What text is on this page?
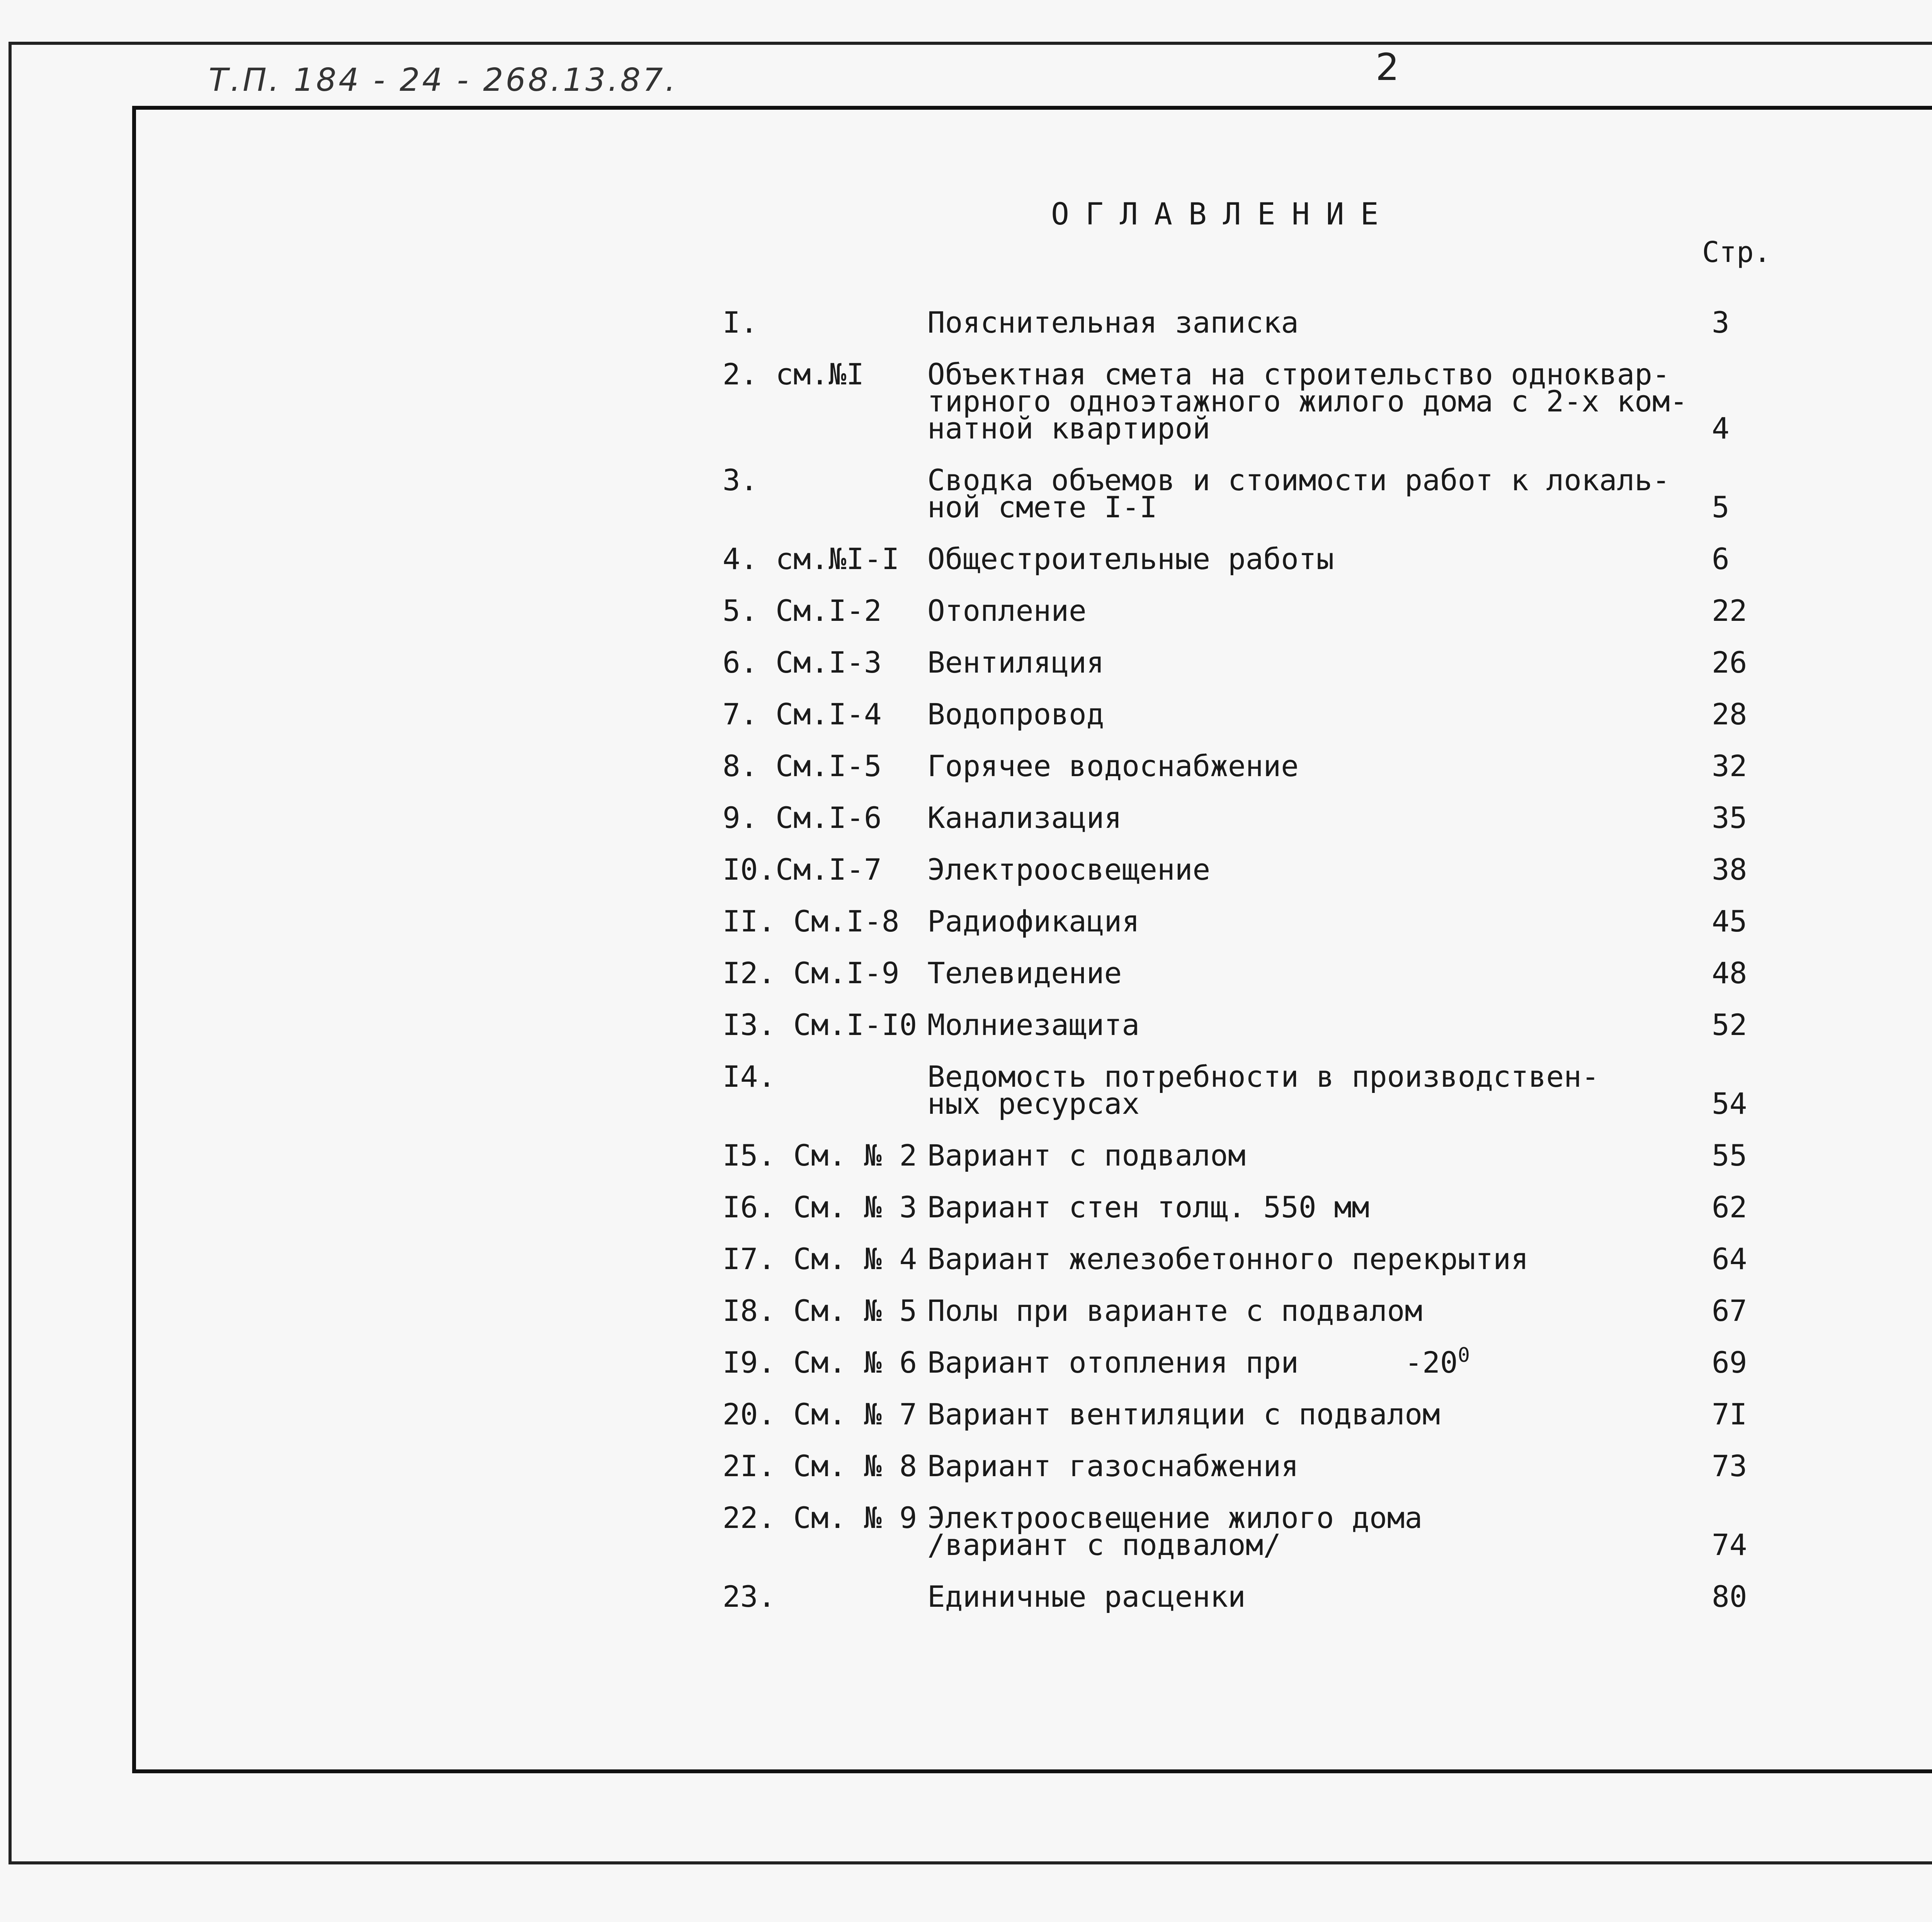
Т.П. 184 - 24 - 268.13.87.	2
ОГЛАВЛЕНИЕ
Стр.
I.	Пояснительная записка	3
2. см.№I Объектная смета на строительство одноквар-
тирного одноэтажного жилого дома с 2-х ком-
натной квартирой	4
3.	Сводка объемов и стоимости работ к локаль-
ной смете I-I	5
4. см.№I-I Общестроительные работы	6
5. См.I-2 Отопление	22
6. См.I-3 Вентиляция	26
7. См.I-4 Водопровод	28
8. См.I-5 Горячее водоснабжение	32
9. См.I-6 Канализация	35
I0.См.I-7 Электроосвещение	38
II. См.I-8 Радиофикация	45
I2. См.I-9 Телевидение	48
I3. См.I-I0 Молниезащита	52
I4.	Ведомость потребности в производствен-
ных ресурсах	54
I5. См. № 2 Вариант с подвалом	55
I6. См. № 3 Вариант стен толщ. 550 мм	62
I7. См. № 4 Вариант железобетонного перекрытия	64
I8. См. № 5 Полы при варианте с подвалом	67
I9. См. № 6 Вариант отопления при      $-20^0$	69
20. См. № 7 Вариант вентиляции с подвалом	7I
2I. См. № 8 Вариант газоснабжения	73
22. См. № 9 Электроосвещение жилого дома
/вариант с подвалом/	74
23.	Единичные расценки	80
